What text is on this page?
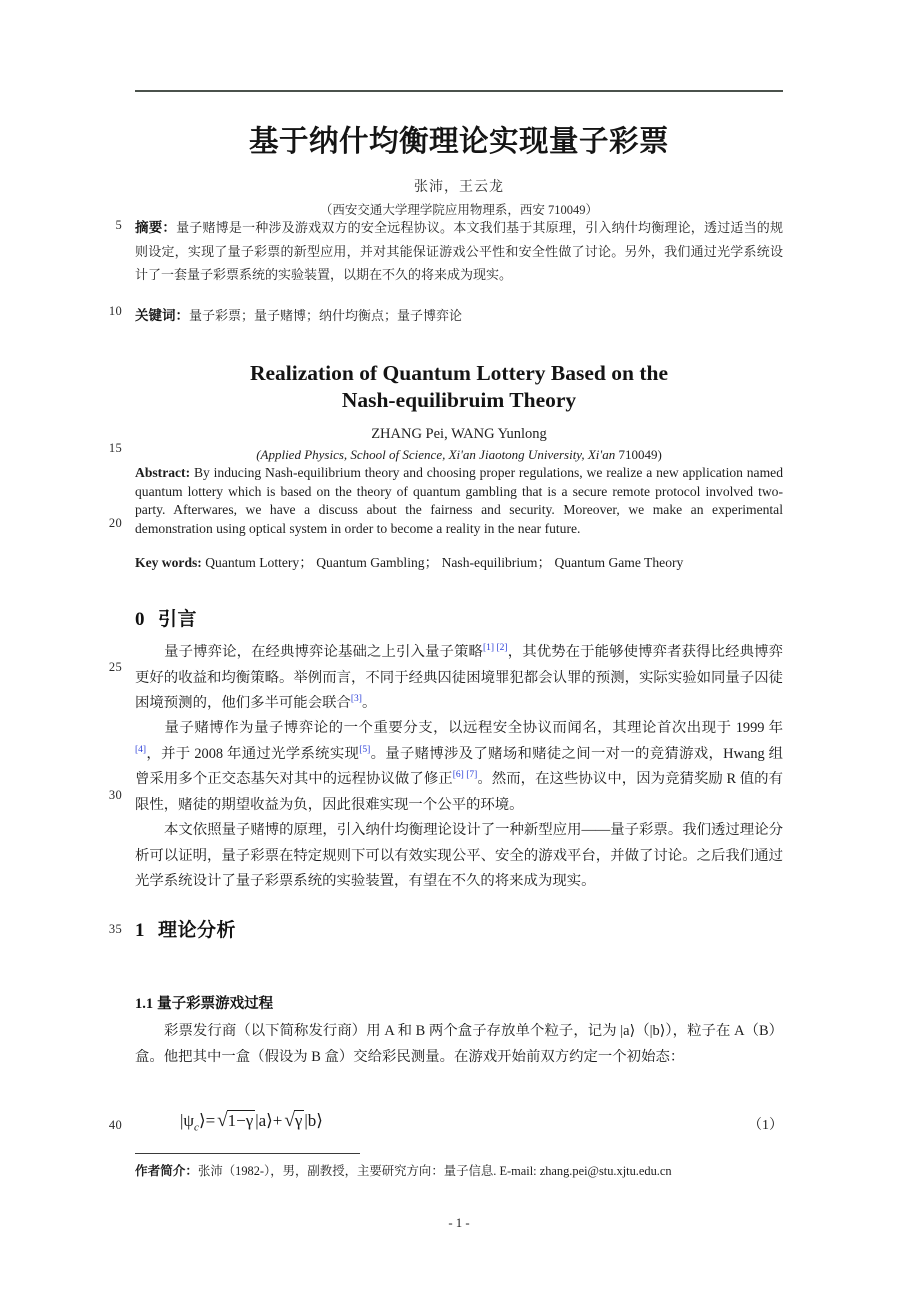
基于纳什均衡理论实现量子彩票
张沛，王云龙
（西安交通大学理学院应用物理系，西安 710049）
摘要：量子赌博是一种涉及游戏双方的安全远程协议。本文我们基于其原理，引入纳什均衡理论，透过适当的规则设定，实现了量子彩票的新型应用，并对其能保证游戏公平性和安全性做了讨论。另外，我们通过光学系统设计了一套量子彩票系统的实验装置，以期在不久的将来成为现实。
关键词：量子彩票；量子赌博；纳什均衡点；量子博弈论
Realization of Quantum Lottery Based on the
Nash-equilibruim Theory
ZHANG Pei, WANG Yunlong
(Applied Physics, School of Science, Xi'an Jiaotong University, Xi'an 710049)
Abstract: By inducing Nash-equilibrium theory and choosing proper regulations, we realize a new application named quantum lottery which is based on the theory of quantum gambling that is a secure remote protocol involved two-party. Afterwares, we have a discuss about the fairness and security. Moreover, we make an experimental demonstration using optical system in order to become a reality in the near future.
Key words: Quantum Lottery； Quantum Gambling； Nash-equilibrium； Quantum Game Theory
5
10
15
20
25
30
35
40
0 引言
1 理论分析
1.1 量子彩票游戏过程
量子博弈论，在经典博弈论基础之上引入量子策略[1] [2]，其优势在于能够使博弈者获得比经典博弈更好的收益和均衡策略。举例而言，不同于经典囚徒困境罪犯都会认罪的预测，实际实验如同量子囚徒困境预测的，他们多半可能会联合[3]。
量子赌博作为量子博弈论的一个重要分支，以远程安全协议而闻名，其理论首次出现于 1999 年[4]，并于 2008 年通过光学系统实现[5]。量子赌博涉及了赌场和赌徒之间一对一的竞猜游戏，Hwang 组曾采用多个正交态基矢对其中的远程协议做了修正[6] [7]。然而，在这些协议中，因为竞猜奖励 R 值的有限性，赌徒的期望收益为负，因此很难实现一个公平的环境。
本文依照量子赌博的原理，引入纳什均衡理论设计了一种新型应用——量子彩票。我们透过理论分析可以证明，量子彩票在特定规则下可以有效实现公平、安全的游戏平台，并做了讨论。之后我们通过光学系统设计了量子彩票系统的实验装置，有望在不久的将来成为现实。
彩票发行商（以下简称发行商）用 A 和 B 两个盒子存放单个粒子，记为 |a⟩（|b⟩），粒子在 A（B）盒。他把其中一盒（假设为 B 盒）交给彩民测量。在游戏开始前双方约定一个初始态：
$|\psi_c⟩= √1-\gamma$ |a⟩+ √γ |b⟩	（1）
作者简介：张沛（1982-），男，副教授，主要研究方向：量子信息. E-mail: zhang.pei@stu.xjtu.edu.cn
- 1 -
